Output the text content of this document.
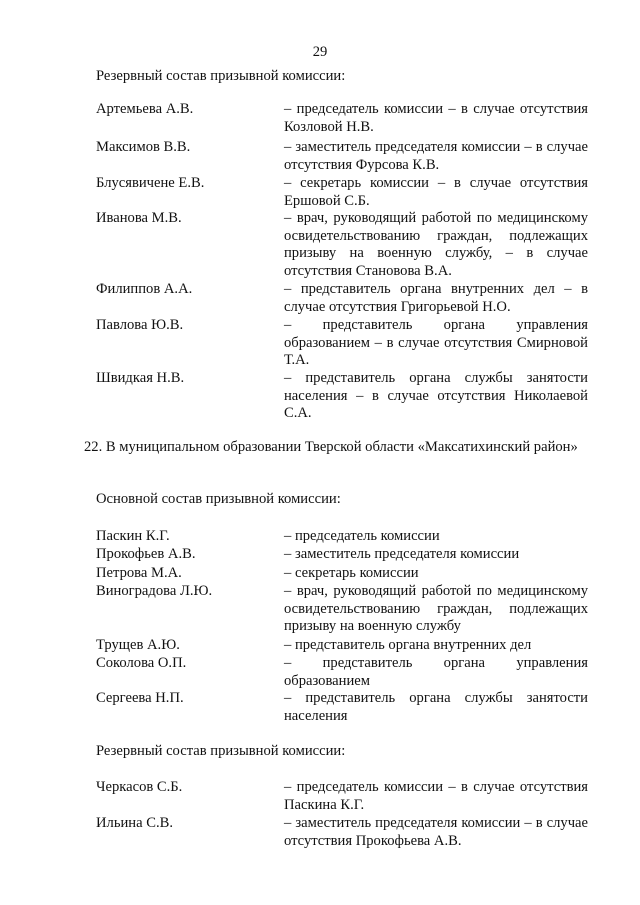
29
Резервный состав призывной комиссии:
Артемьева А.В.	– председатель комиссии – в случае отсутствия Козловой Н.В.
Максимов В.В.	– заместитель председателя комиссии – в случае отсутствия Фурсова К.В.
Блусявичене Е.В.	– секретарь комиссии – в случае отсутствия Ершовой С.Б.
Иванова М.В.	– врач, руководящий работой по медицинскому освидетельствованию граждан, подлежащих призыву на военную службу, – в случае отсутствия Становова В.А.
Филиппов А.А.	– представитель органа внутренних дел – в случае отсутствия Григорьевой Н.О.
Павлова Ю.В.	– представитель органа управления образованием – в случае отсутствия Смирновой Т.А.
Швидкая Н.В.	– представитель органа службы занятости населения – в случае отсутствия Николаевой С.А.
22. В муниципальном образовании Тверской области «Максатихинский район»
Основной состав призывной комиссии:
Паскин К.Г.	– председатель комиссии
Прокофьев А.В.	– заместитель председателя комиссии
Петрова М.А.	– секретарь комиссии
Виноградова Л.Ю.	– врач, руководящий работой по медицинскому освидетельствованию граждан, подлежащих призыву на военную службу
Трущев А.Ю.	– представитель органа внутренних дел
Соколова О.П.	– представитель органа управления образованием
Сергеева Н.П.	– представитель органа службы занятости населения
Резервный состав призывной комиссии:
Черкасов С.Б.	– председатель комиссии – в случае отсутствия Паскина К.Г.
Ильина С.В.	– заместитель председателя комиссии – в случае отсутствия Прокофьева А.В.
